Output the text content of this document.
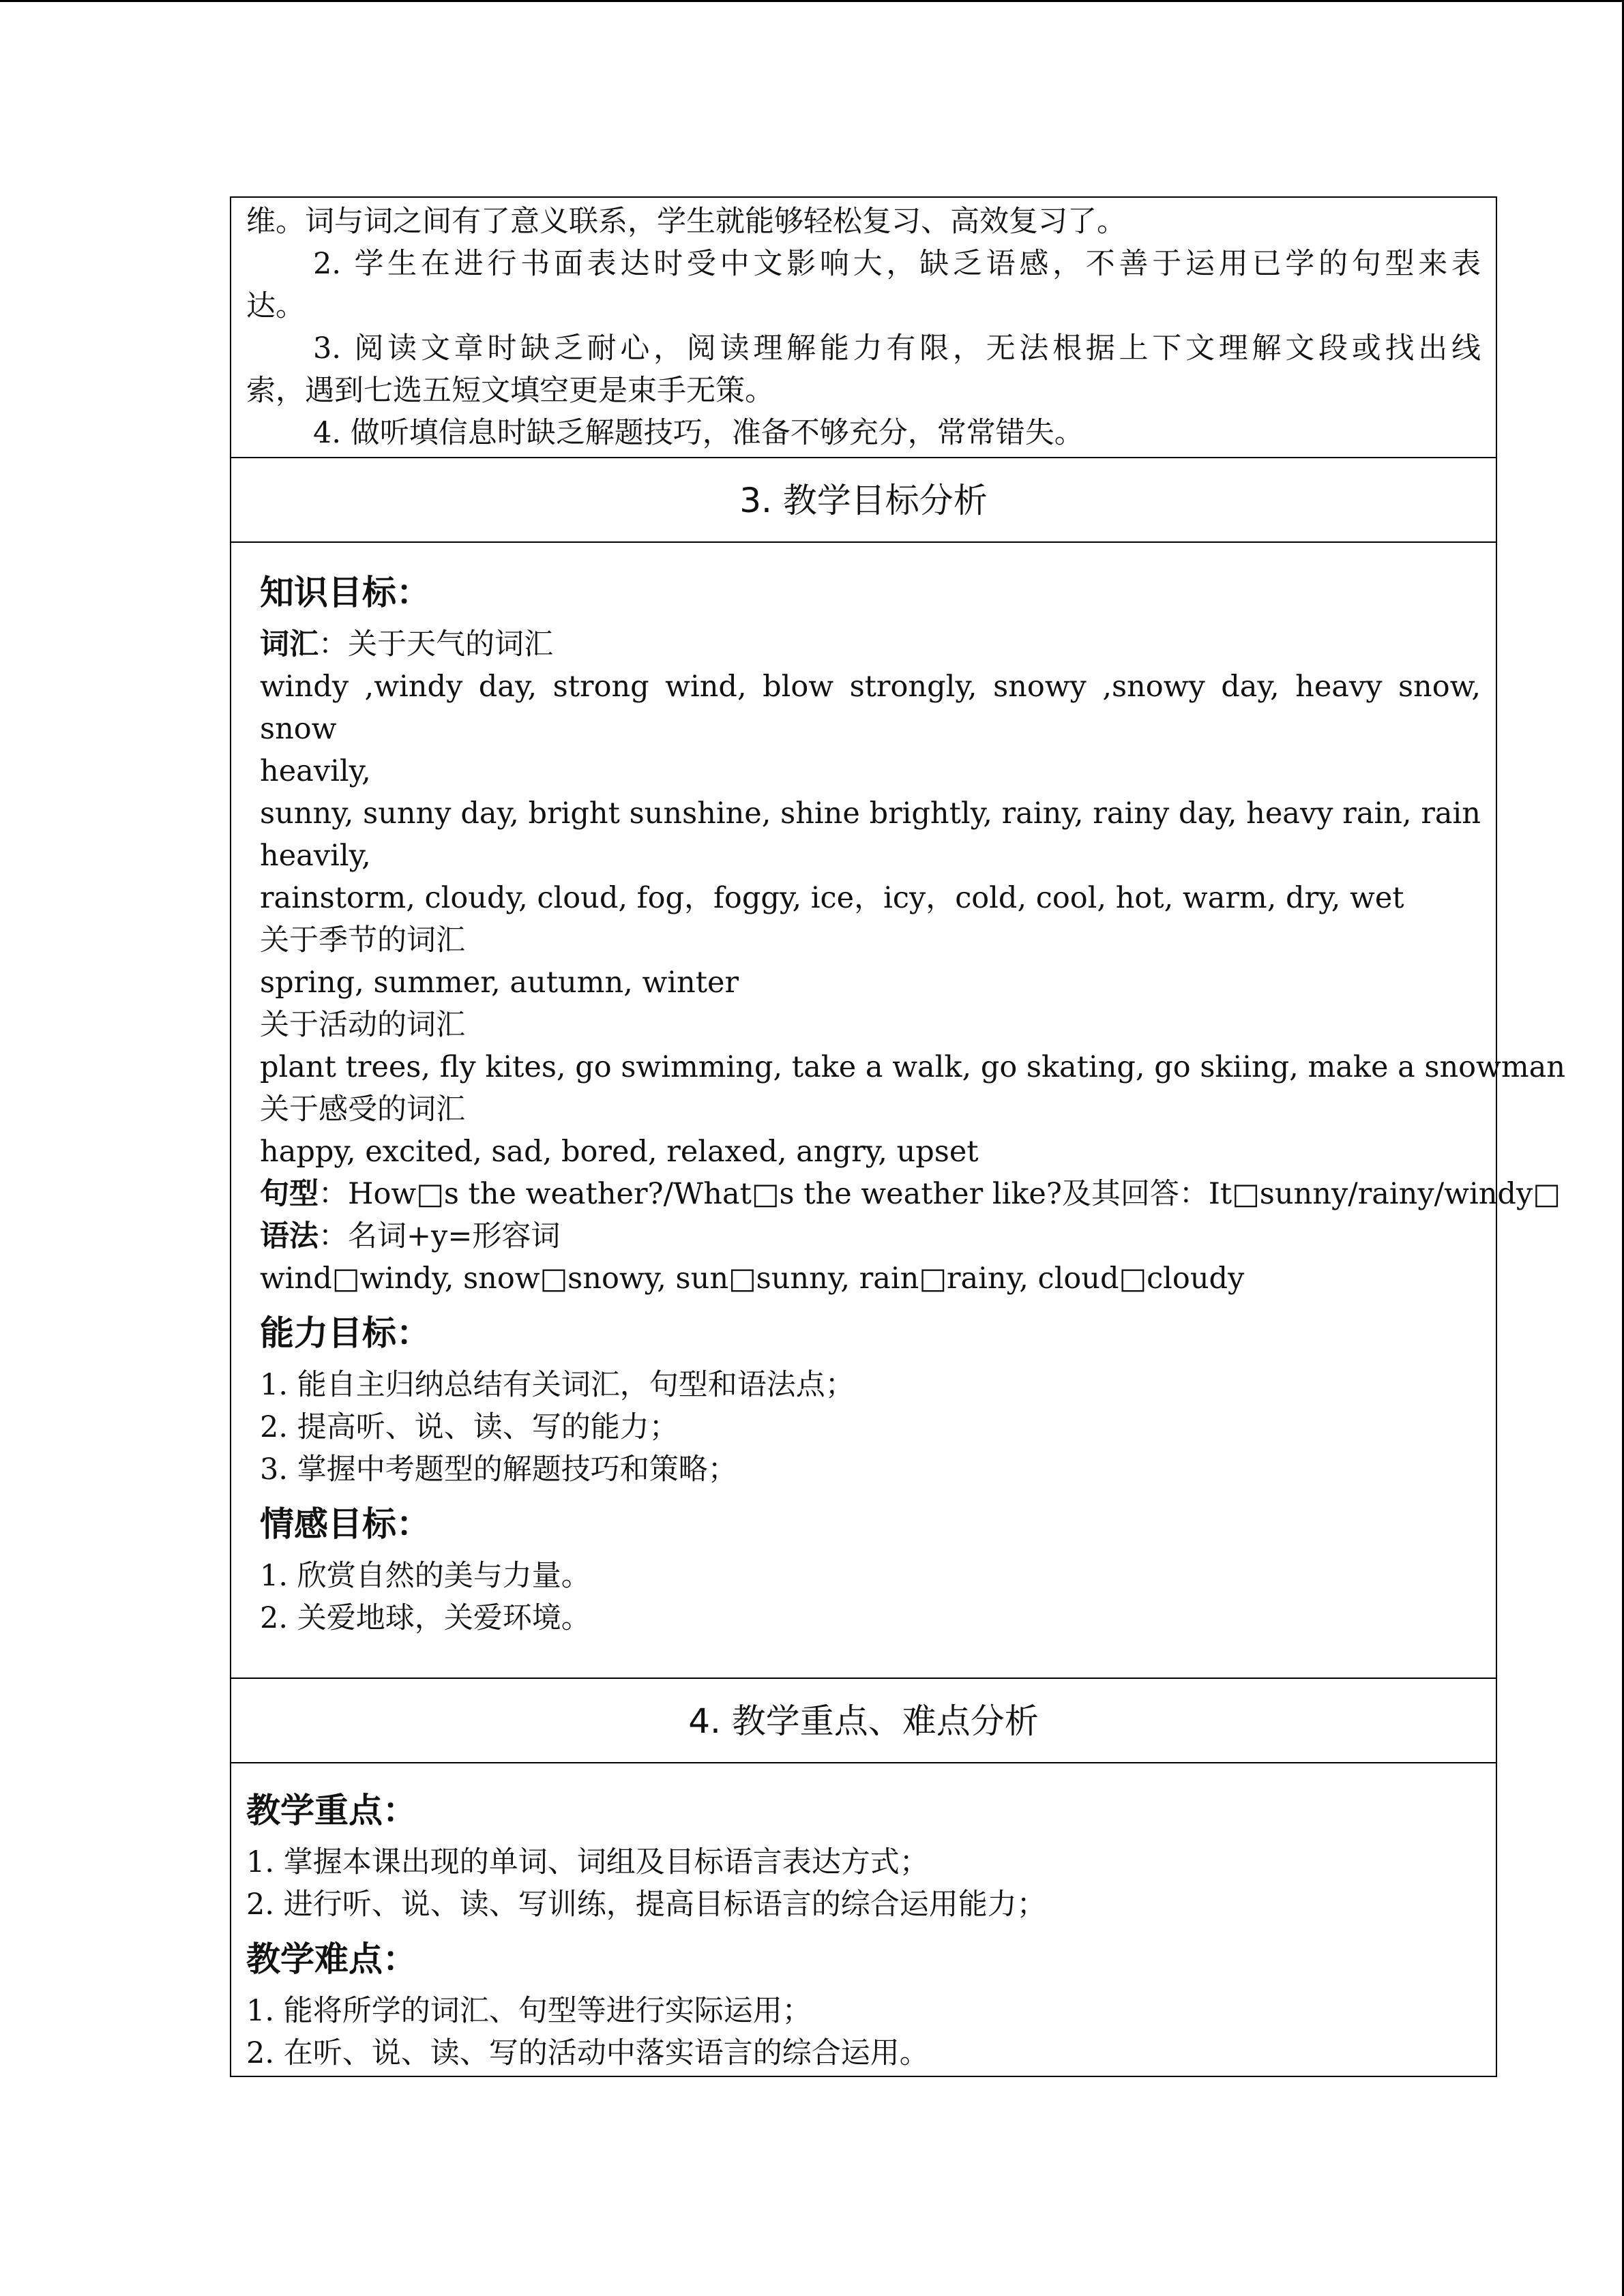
维。词与词之间有了意义联系，学生就能够轻松复习、高效复习了。
2. 学生在进行书面表达时受中文影响大，缺乏语感，不善于运用已学的句型来表
达。
3. 阅读文章时缺乏耐心，阅读理解能力有限，无法根据上下文理解文段或找出线
索，遇到七选五短文填空更是束手无策。
4. 做听填信息时缺乏解题技巧，准备不够充分，常常错失。
3. 教学目标分析
知识目标：
词汇：关于天气的词汇
windy ,windy day, strong wind, blow strongly, snowy ,snowy day, heavy snow, snow
heavily,
sunny, sunny day, bright sunshine, shine brightly, rainy, rainy day, heavy rain, rain heavily,
rainstorm, cloudy, cloud, fog，foggy, ice，icy，cold, cool, hot, warm, dry, wet
关于季节的词汇
spring, summer, autumn, winter
关于活动的词汇
plant trees, fly kites, go swimming, take a walk, go skating, go skiing, make a snowman
关于感受的词汇
happy, excited, sad, bored, relaxed, angry, upset
句型：How□s the weather?/What□s the weather like?及其回答：It□sunny/rainy/windy□
语法：名词+y=形容词
wind□windy, snow□snowy, sun□sunny, rain□rainy, cloud□cloudy
能力目标：
1. 能自主归纳总结有关词汇，句型和语法点；
2. 提高听、说、读、写的能力；
3. 掌握中考题型的解题技巧和策略；
情感目标：
1. 欣赏自然的美与力量。
2. 关爱地球，关爱环境。
4. 教学重点、难点分析
教学重点：
1. 掌握本课出现的单词、词组及目标语言表达方式；
2. 进行听、说、读、写训练，提高目标语言的综合运用能力；
教学难点：
1. 能将所学的词汇、句型等进行实际运用；
2. 在听、说、读、写的活动中落实语言的综合运用。
